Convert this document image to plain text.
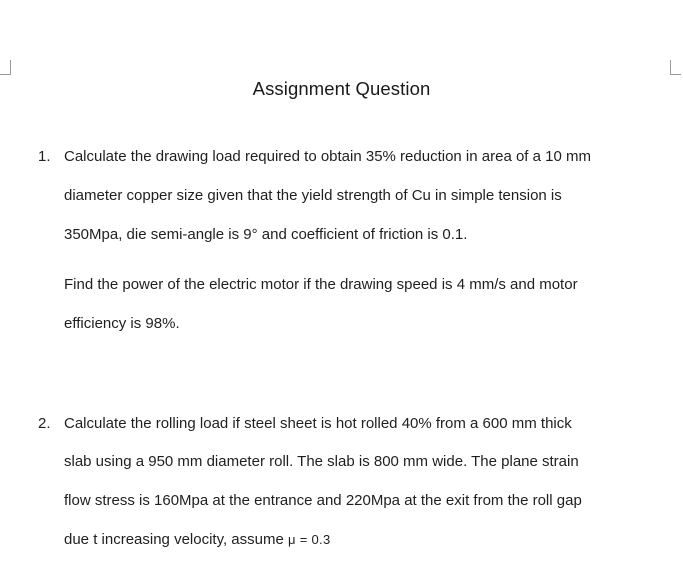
Assignment Question
1. Calculate the drawing load required to obtain 35% reduction in area of a 10 mm
diameter copper size given that the yield strength of Cu in simple tension is
350Mpa, die semi-angle is 9° and coefficient of friction is 0.1.
Find the power of the electric motor if the drawing speed is 4 mm/s and motor
efficiency is 98%.
2. Calculate the rolling load if steel sheet is hot rolled 40% from a 600 mm thick
slab using a 950 mm diameter roll. The slab is 800 mm wide. The plane strain
flow stress is 160Mpa at the entrance and 220Mpa at the exit from the roll gap
due t increasing velocity, assume μ = 0.3
